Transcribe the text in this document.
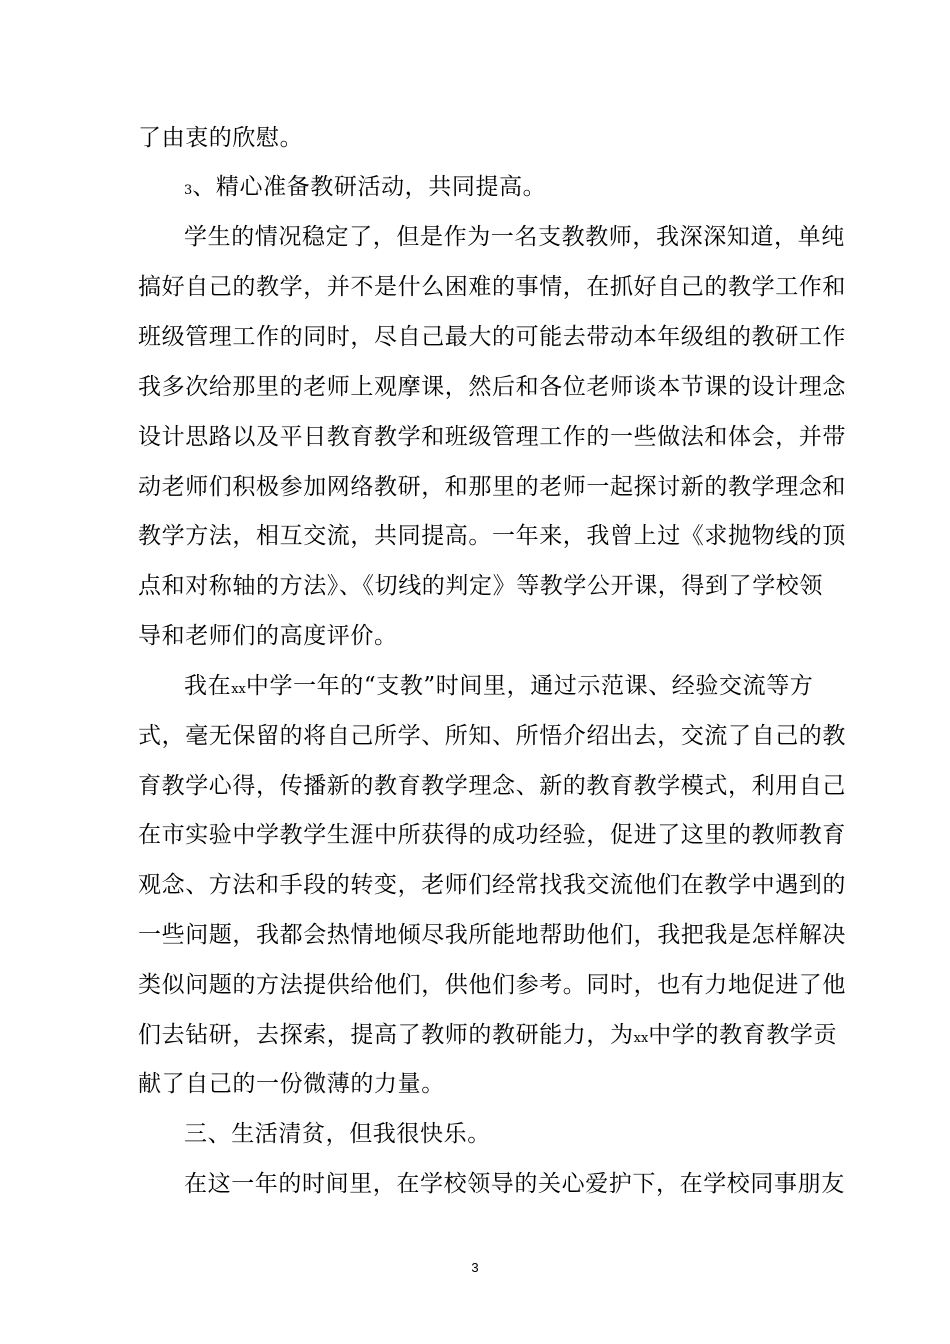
了由衷的欣慰。
3、精心准备教研活动，共同提高。
学生的情况稳定了，但是作为一名支教教师，我深深知道，单纯
搞好自己的教学，并不是什么困难的事情，在抓好自己的教学工作和
班级管理工作的同时，尽自己最大的可能去带动本年级组的教研工作
我多次给那里的老师上观摩课，然后和各位老师谈本节课的设计理念
设计思路以及平日教育教学和班级管理工作的一些做法和体会，并带
动老师们积极参加网络教研，和那里的老师一起探讨新的教学理念和
教学方法，相互交流，共同提高。一年来，我曾上过《求抛物线的顶
点和对称轴的方法》、《切线的判定》等教学公开课，得到了学校领
导和老师们的高度评价。
我在xx中学一年的“支教”时间里，通过示范课、经验交流等方
式，毫无保留的将自己所学、所知、所悟介绍出去，交流了自己的教
育教学心得，传播新的教育教学理念、新的教育教学模式，利用自己
在市实验中学教学生涯中所获得的成功经验，促进了这里的教师教育
观念、方法和手段的转变，老师们经常找我交流他们在教学中遇到的
一些问题，我都会热情地倾尽我所能地帮助他们，我把我是怎样解决
类似问题的方法提供给他们，供他们参考。同时，也有力地促进了他
们去钻研，去探索，提高了教师的教研能力，为xx中学的教育教学贡
献了自己的一份微薄的力量。
三、生活清贫，但我很快乐。
在这一年的时间里，在学校领导的关心爱护下，在学校同事朋友
3
